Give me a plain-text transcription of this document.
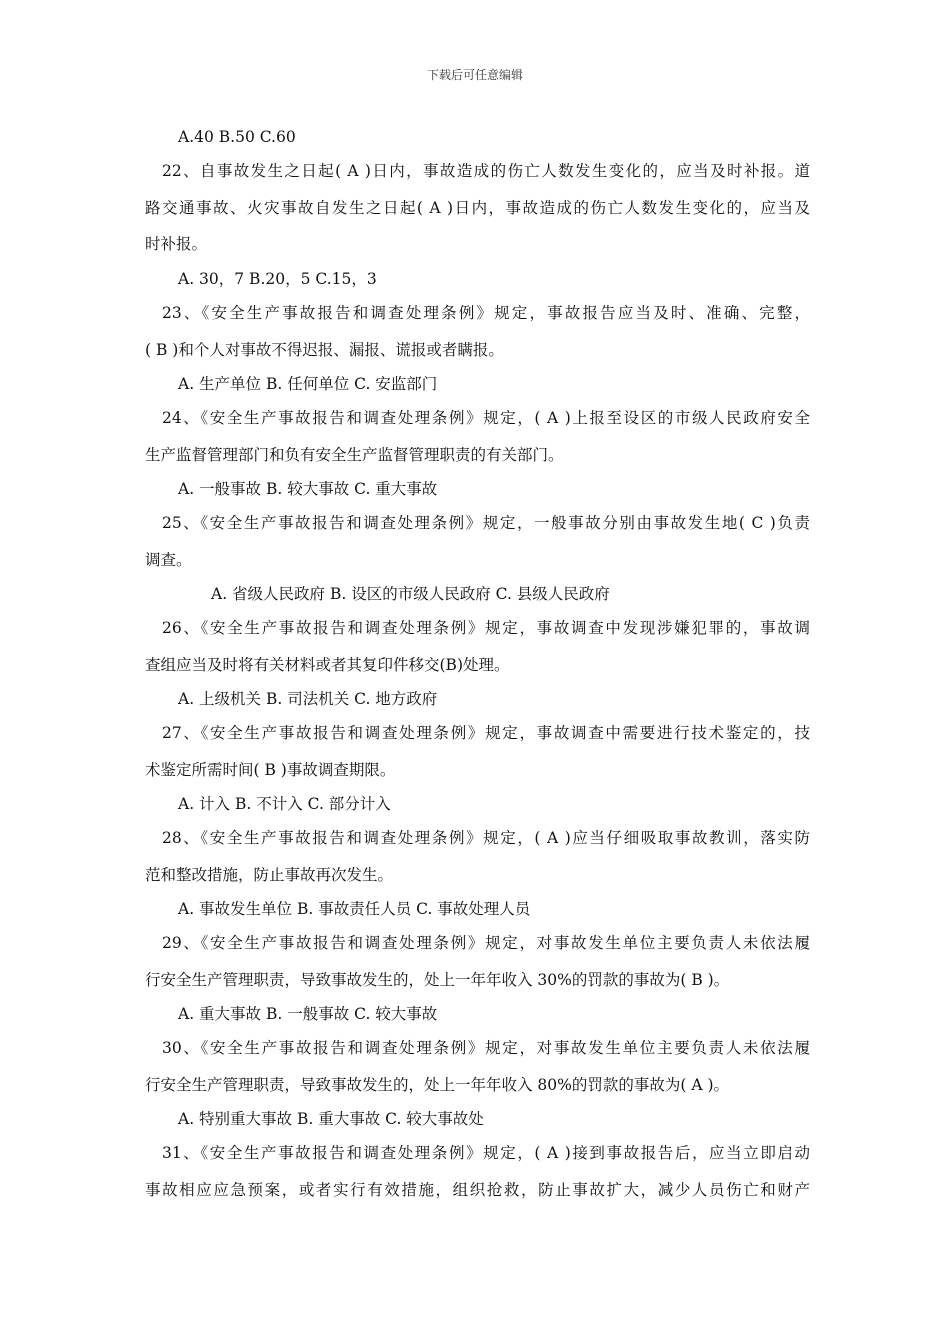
下载后可任意编辑
A.40 B.50 C.60
22、自事故发生之日起( A )日内，事故造成的伤亡人数发生变化的，应当及时补报。道
路交通事故、火灾事故自发生之日起( A )日内，事故造成的伤亡人数发生变化的，应当及
时补报。
A. 30，7 B.20，5 C.15，3
23、《安全生产事故报告和调查处理条例》规定，事故报告应当及时、准确、完整，
( B )和个人对事故不得迟报、漏报、谎报或者瞒报。
A. 生产单位 B. 任何单位 C. 安监部门
24、《安全生产事故报告和调查处理条例》规定，( A )上报至设区的市级人民政府安全
生产监督管理部门和负有安全生产监督管理职责的有关部门。
A. 一般事故 B. 较大事故 C. 重大事故
25、《安全生产事故报告和调查处理条例》规定，一般事故分别由事故发生地( C )负责
调查。
A. 省级人民政府 B. 设区的市级人民政府 C. 县级人民政府
26、《安全生产事故报告和调查处理条例》规定，事故调查中发现涉嫌犯罪的，事故调
查组应当及时将有关材料或者其复印件移交(B)处理。
A. 上级机关 B. 司法机关 C. 地方政府
27、《安全生产事故报告和调查处理条例》规定，事故调查中需要进行技术鉴定的，技
术鉴定所需时间( B )事故调查期限。
A. 计入 B. 不计入 C. 部分计入
28、《安全生产事故报告和调查处理条例》规定，( A )应当仔细吸取事故教训，落实防
范和整改措施，防止事故再次发生。
A. 事故发生单位 B. 事故责任人员 C. 事故处理人员
29、《安全生产事故报告和调查处理条例》规定，对事故发生单位主要负责人未依法履
行安全生产管理职责，导致事故发生的，处上一年年收入 30%的罚款的事故为( B )。
A. 重大事故 B. 一般事故 C. 较大事故
30、《安全生产事故报告和调查处理条例》规定，对事故发生单位主要负责人未依法履
行安全生产管理职责，导致事故发生的，处上一年年收入 80%的罚款的事故为( A )。
A. 特别重大事故 B. 重大事故 C. 较大事故处
31、《安全生产事故报告和调查处理条例》规定，( A )接到事故报告后，应当立即启动
事故相应应急预案，或者实行有效措施，组织抢救，防止事故扩大，减少人员伤亡和财产
